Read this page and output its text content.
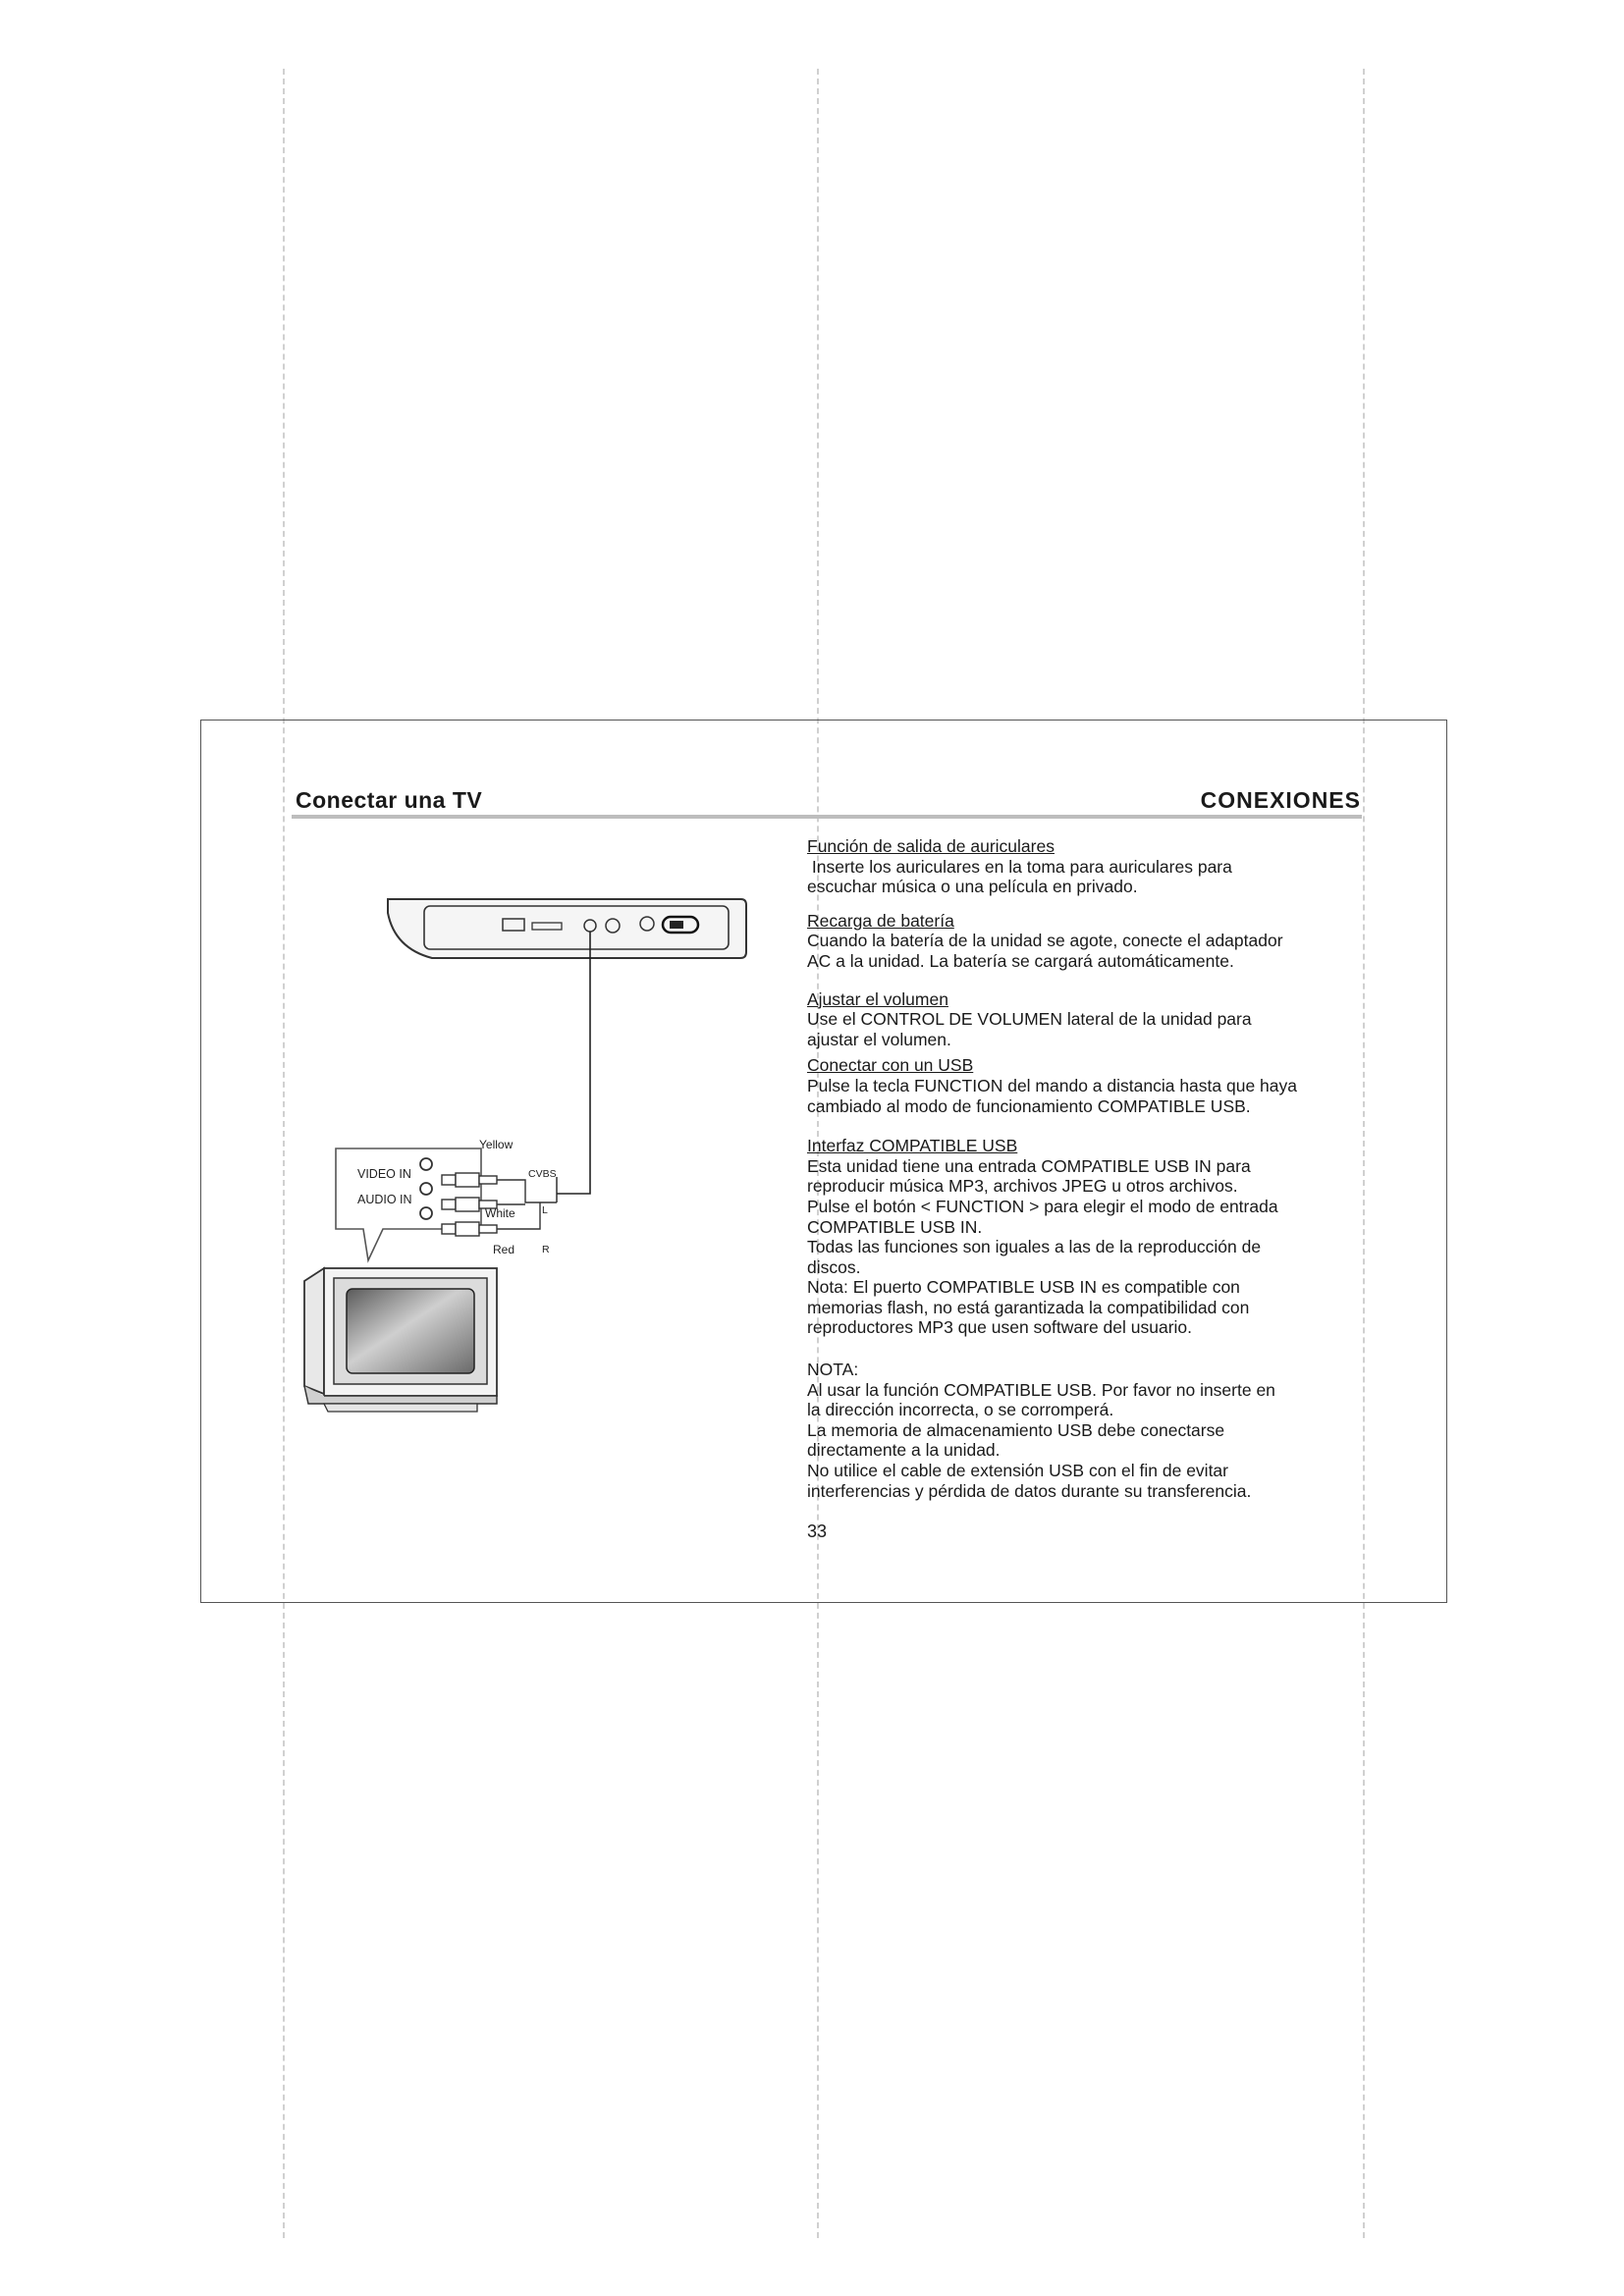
Conectar una TV	CONEXIONES
Yellow
VIDEO IN
AUDIO IN
CVBS
White	L
Red	R
Función de salida de auriculares
Inserte los auriculares en la toma para auriculares para
escuchar música o una película en privado.
Recarga de batería
Cuando la batería de la unidad se agote, conecte el adaptador
AC a la unidad. La batería se cargará automáticamente.
Ajustar el volumen
Use el CONTROL DE VOLUMEN lateral de la unidad para
ajustar el volumen.
Conectar con un USB
Pulse la tecla FUNCTION del mando a distancia hasta que haya
cambiado al modo de funcionamiento COMPATIBLE USB.
Interfaz COMPATIBLE USB
Esta unidad tiene una entrada COMPATIBLE USB IN para
reproducir música MP3, archivos JPEG u otros archivos.
Pulse el botón < FUNCTION > para elegir el modo de entrada
COMPATIBLE USB IN.
Todas las funciones son iguales a las de la reproducción de
discos.
Nota: El puerto COMPATIBLE USB IN es compatible con
memorias flash, no está garantizada la compatibilidad con
reproductores MP3 que usen software del usuario.
NOTA:
Al usar la función COMPATIBLE USB. Por favor no inserte en
la dirección incorrecta, o se corromperá.
La memoria de almacenamiento USB debe conectarse
directamente a la unidad.
No utilice el cable de extensión USB con el fin de evitar
interferencias y pérdida de datos durante su transferencia.
33
